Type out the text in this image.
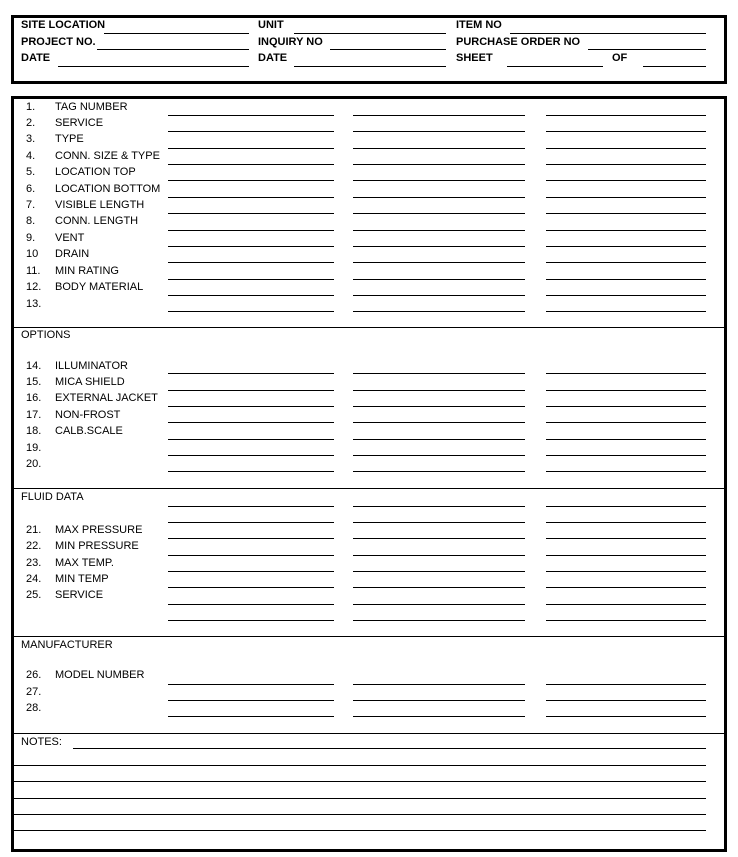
SITE LOCATION
PROJECT NO.
DATE
UNIT
INQUIRY NO
DATE
ITEM NO
PURCHASE ORDER NO
SHEET	OF
OPTIONS
FLUID DATA
MANUFACTURER
NOTES:
1. TAG NUMBER
2. SERVICE
3. TYPE
4. CONN. SIZE & TYPE
5. LOCATION TOP
6. LOCATION BOTTOM
7. VISIBLE LENGTH
8. CONN. LENGTH
9. VENT
10 DRAIN
11. MIN RATING
12. BODY MATERIAL
13.
14. ILLUMINATOR
15. MICA SHIELD
16. EXTERNAL JACKET
17. NON-FROST
18. CALB.SCALE
19.
20.
21. MAX PRESSURE
22. MIN PRESSURE
23. MAX TEMP.
24. MIN TEMP
25. SERVICE
26. MODEL NUMBER
27.
28.
